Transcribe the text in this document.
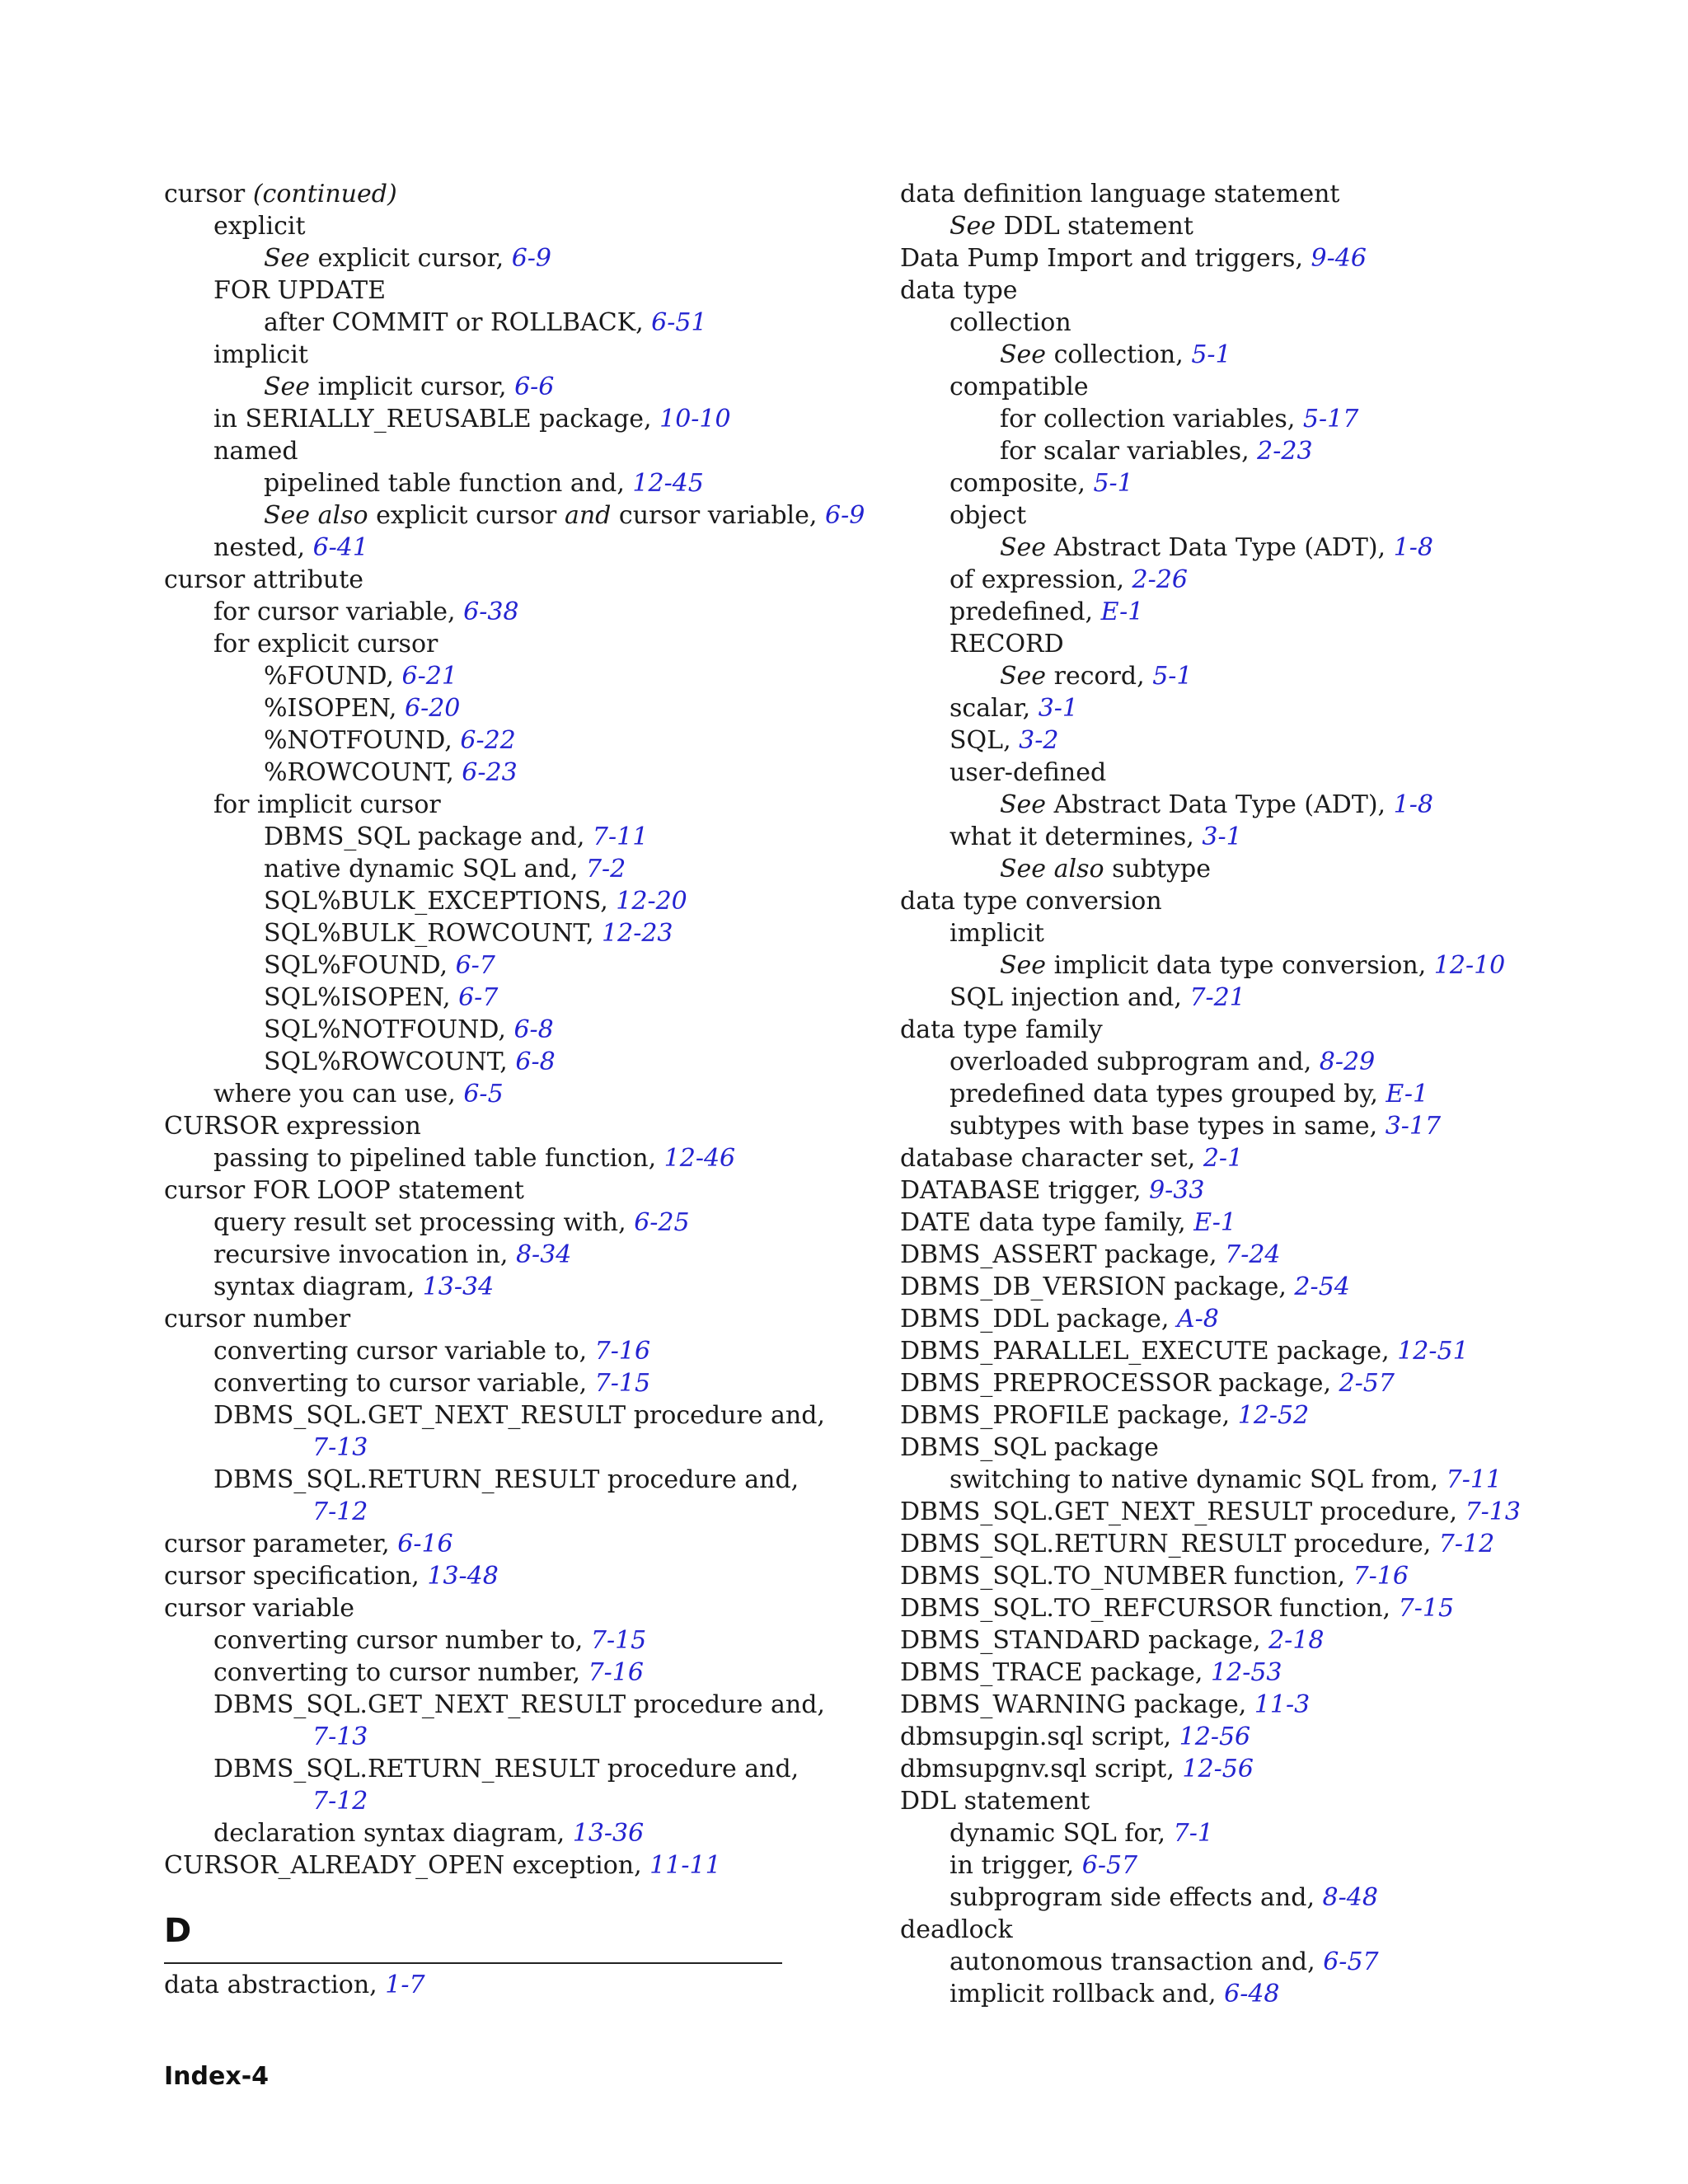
cursor (continued)
explicit
See explicit cursor, 6-9
FOR UPDATE
after COMMIT or ROLLBACK, 6-51
implicit
See implicit cursor, 6-6
in SERIALLY_REUSABLE package, 10-10
named
pipelined table function and, 12-45
See also explicit cursor and cursor variable, 6-9
nested, 6-41
cursor attribute
for cursor variable, 6-38
for explicit cursor
%FOUND, 6-21
%ISOPEN, 6-20
%NOTFOUND, 6-22
%ROWCOUNT, 6-23
for implicit cursor
DBMS_SQL package and, 7-11
native dynamic SQL and, 7-2
SQL%BULK_EXCEPTIONS, 12-20
SQL%BULK_ROWCOUNT, 12-23
SQL%FOUND, 6-7
SQL%ISOPEN, 6-7
SQL%NOTFOUND, 6-8
SQL%ROWCOUNT, 6-8
where you can use, 6-5
CURSOR expression
passing to pipelined table function, 12-46
cursor FOR LOOP statement
query result set processing with, 6-25
recursive invocation in, 8-34
syntax diagram, 13-34
cursor number
converting cursor variable to, 7-16
converting to cursor variable, 7-15
DBMS_SQL.GET_NEXT_RESULT procedure and,
7-13
DBMS_SQL.RETURN_RESULT procedure and,
7-12
cursor parameter, 6-16
cursor specification, 13-48
cursor variable
converting cursor number to, 7-15
converting to cursor number, 7-16
DBMS_SQL.GET_NEXT_RESULT procedure and,
7-13
DBMS_SQL.RETURN_RESULT procedure and,
7-12
declaration syntax diagram, 13-36
CURSOR_ALREADY_OPEN exception, 11-11
D
data abstraction, 1-7
data definition language statement
See DDL statement
Data Pump Import and triggers, 9-46
data type
collection
See collection, 5-1
compatible
for collection variables, 5-17
for scalar variables, 2-23
composite, 5-1
object
See Abstract Data Type (ADT), 1-8
of expression, 2-26
predefined, E-1
RECORD
See record, 5-1
scalar, 3-1
SQL, 3-2
user-defined
See Abstract Data Type (ADT), 1-8
what it determines, 3-1
See also subtype
data type conversion
implicit
See implicit data type conversion, 12-10
SQL injection and, 7-21
data type family
overloaded subprogram and, 8-29
predefined data types grouped by, E-1
subtypes with base types in same, 3-17
database character set, 2-1
DATABASE trigger, 9-33
DATE data type family, E-1
DBMS_ASSERT package, 7-24
DBMS_DB_VERSION package, 2-54
DBMS_DDL package, A-8
DBMS_PARALLEL_EXECUTE package, 12-51
DBMS_PREPROCESSOR package, 2-57
DBMS_PROFILE package, 12-52
DBMS_SQL package
switching to native dynamic SQL from, 7-11
DBMS_SQL.GET_NEXT_RESULT procedure, 7-13
DBMS_SQL.RETURN_RESULT procedure, 7-12
DBMS_SQL.TO_NUMBER function, 7-16
DBMS_SQL.TO_REFCURSOR function, 7-15
DBMS_STANDARD package, 2-18
DBMS_TRACE package, 12-53
DBMS_WARNING package, 11-3
dbmsupgin.sql script, 12-56
dbmsupgnv.sql script, 12-56
DDL statement
dynamic SQL for, 7-1
in trigger, 6-57
subprogram side effects and, 8-48
deadlock
autonomous transaction and, 6-57
implicit rollback and, 6-48
Index-4
